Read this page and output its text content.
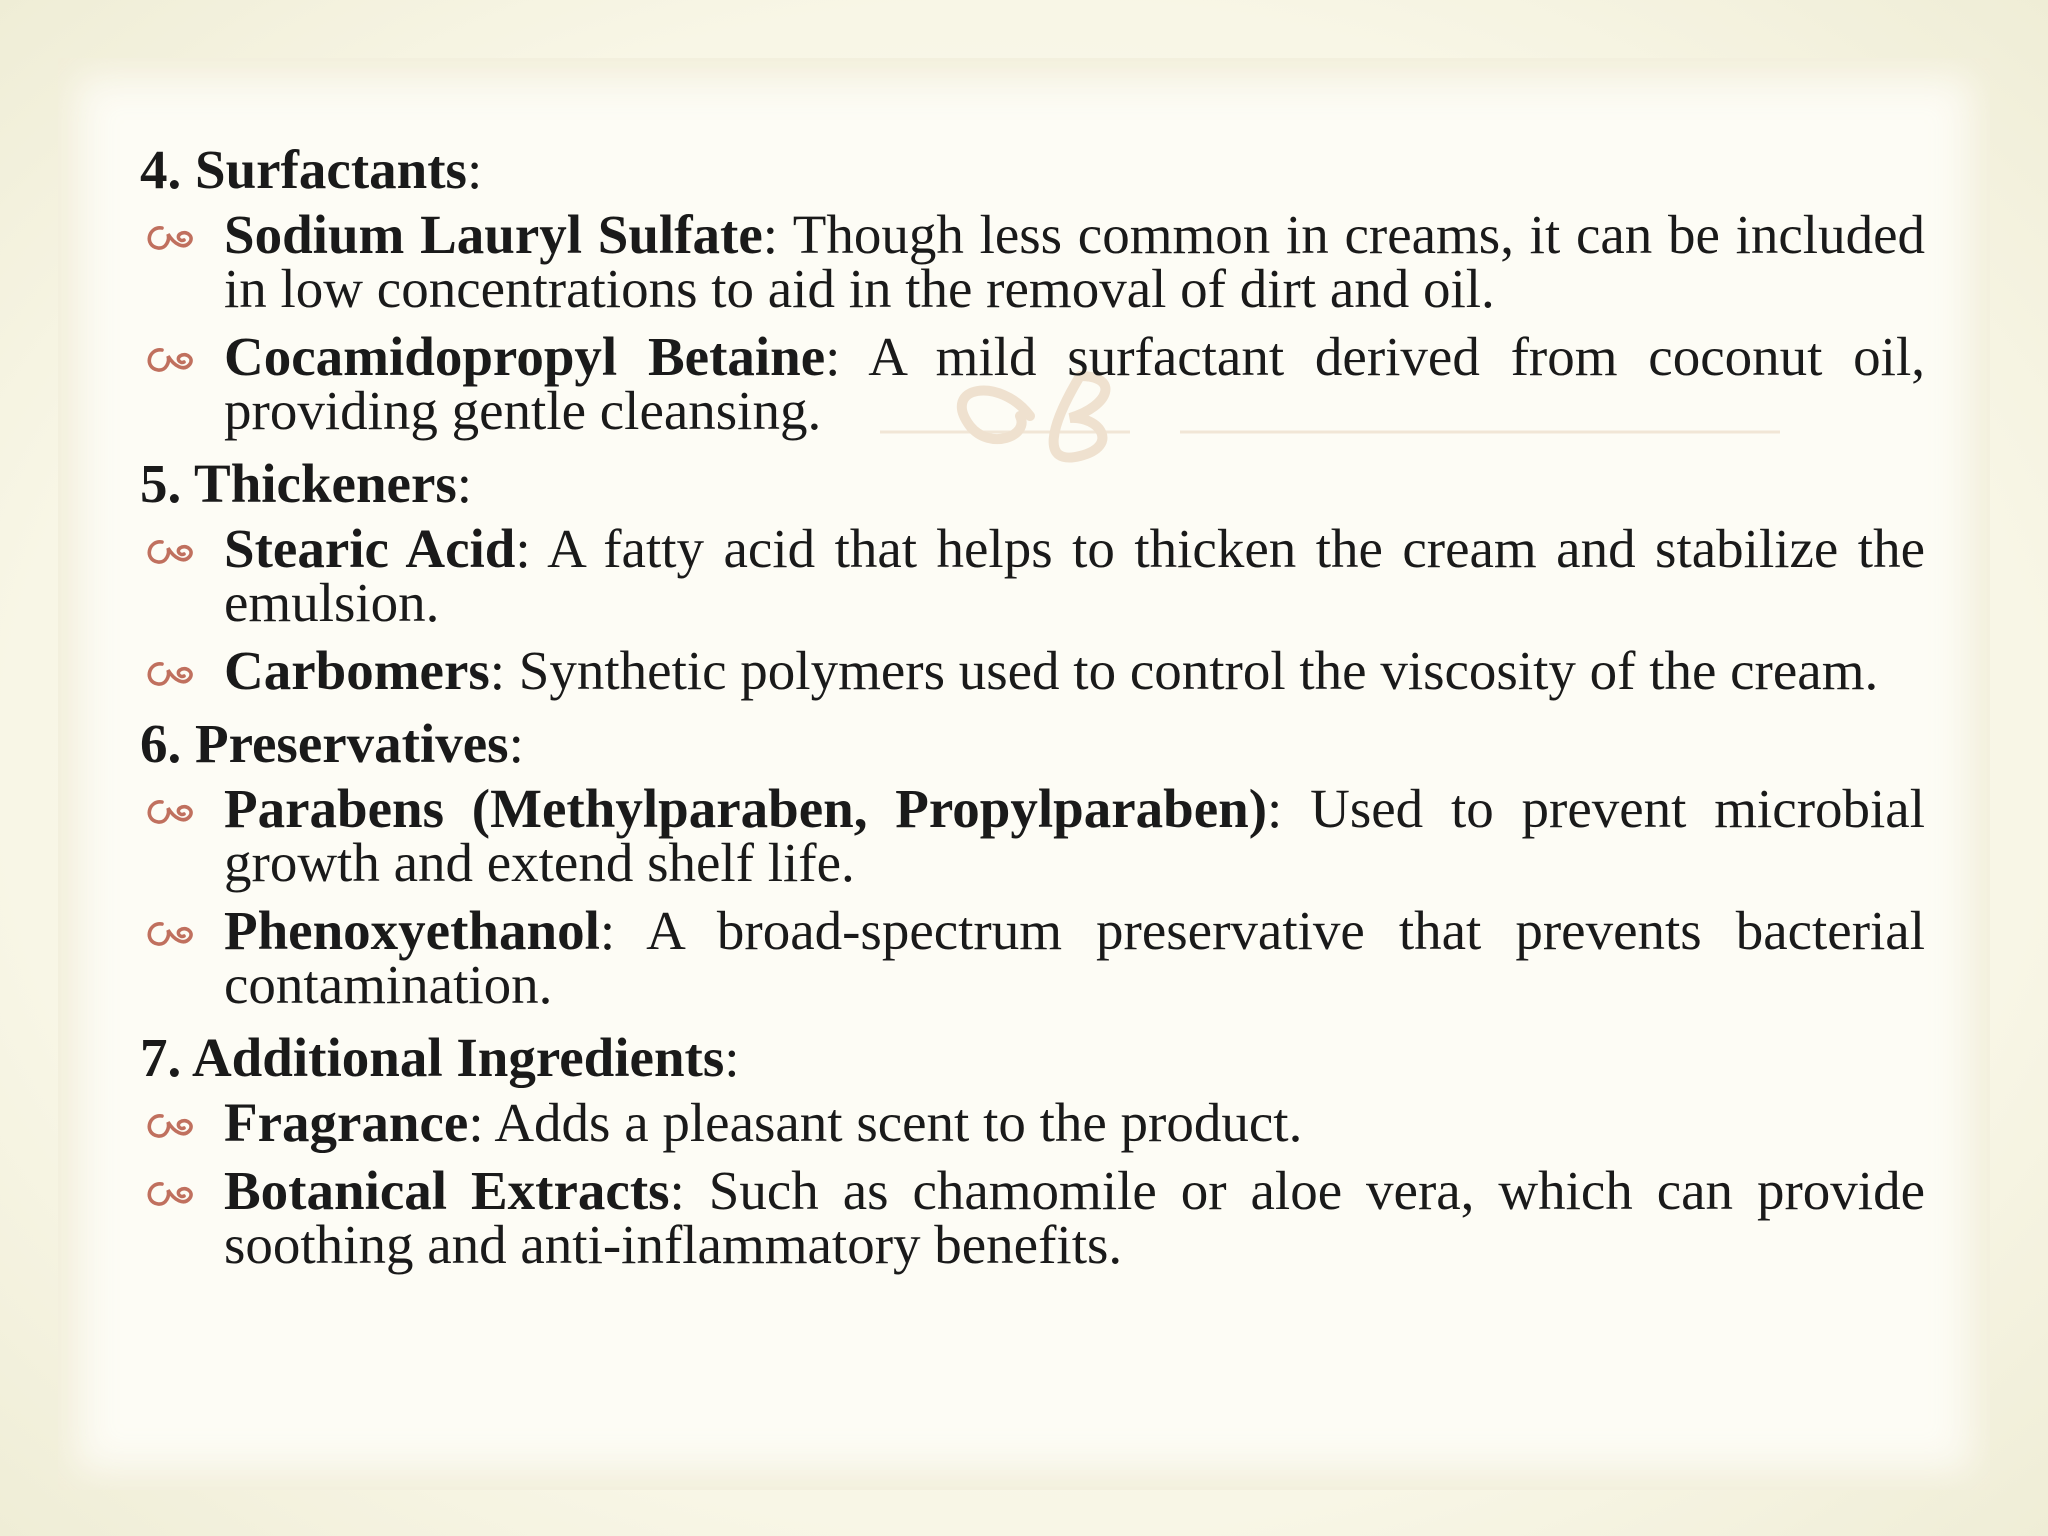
4. Surfactants:
Sodium Lauryl Sulfate: Though less common in creams, it can be included in low concentrations to aid in the removal of dirt and oil.
Cocamidopropyl Betaine: A mild surfactant derived from coconut oil, providing gentle cleansing.
5. Thickeners:
Stearic Acid: A fatty acid that helps to thicken the cream and stabilize the emulsion.
Carbomers: Synthetic polymers used to control the viscosity of the cream.
6. Preservatives:
Parabens (Methylparaben, Propylparaben): Used to prevent microbial growth and extend shelf life.
Phenoxyethanol: A broad-spectrum preservative that prevents bacterial contamination.
7. Additional Ingredients:
Fragrance: Adds a pleasant scent to the product.
Botanical Extracts: Such as chamomile or aloe vera, which can provide soothing and anti-inflammatory benefits.
